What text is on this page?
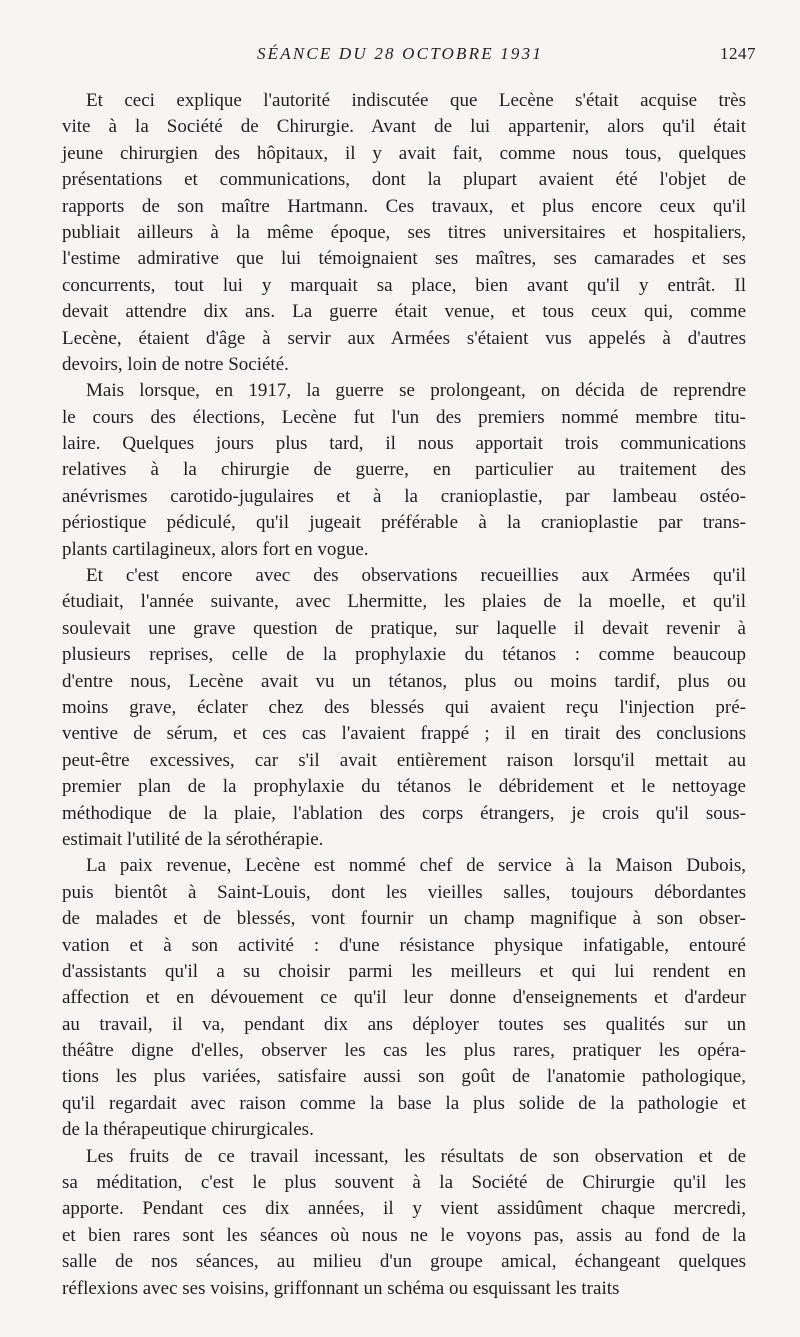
SÉANCE DU 28 OCTOBRE 1931	1247
Et ceci explique l'autorité indiscutée que Lecène s'était acquise très
vite à la Société de Chirurgie. Avant de lui appartenir, alors qu'il était
jeune chirurgien des hôpitaux, il y avait fait, comme nous tous, quelques
présentations et communications, dont la plupart avaient été l'objet de
rapports de son maître Hartmann. Ces travaux, et plus encore ceux qu'il
publiait ailleurs à la même époque, ses titres universitaires et hospitaliers,
l'estime admirative que lui témoignaient ses maîtres, ses camarades et ses
concurrents, tout lui y marquait sa place, bien avant qu'il y entrât. Il
devait attendre dix ans. La guerre était venue, et tous ceux qui, comme
Lecène, étaient d'âge à servir aux Armées s'étaient vus appelés à d'autres
devoirs, loin de notre Société.
Mais lorsque, en 1917, la guerre se prolongeant, on décida de reprendre
le cours des élections, Lecène fut l'un des premiers nommé membre titu-
laire. Quelques jours plus tard, il nous apportait trois communications
relatives à la chirurgie de guerre, en particulier au traitement des
anévrismes carotido-jugulaires et à la cranioplastie, par lambeau ostéo-
périostique pédiculé, qu'il jugeait préférable à la cranioplastie par trans-
plants cartilagineux, alors fort en vogue.
Et c'est encore avec des observations recueillies aux Armées qu'il
étudiait, l'année suivante, avec Lhermitte, les plaies de la moelle, et qu'il
soulevait une grave question de pratique, sur laquelle il devait revenir à
plusieurs reprises, celle de la prophylaxie du tétanos : comme beaucoup
d'entre nous, Lecène avait vu un tétanos, plus ou moins tardif, plus ou
moins grave, éclater chez des blessés qui avaient reçu l'injection pré-
ventive de sérum, et ces cas l'avaient frappé ; il en tirait des conclusions
peut-être excessives, car s'il avait entièrement raison lorsqu'il mettait au
premier plan de la prophylaxie du tétanos le débridement et le nettoyage
méthodique de la plaie, l'ablation des corps étrangers, je crois qu'il sous-
estimait l'utilité de la sérothérapie.
La paix revenue, Lecène est nommé chef de service à la Maison Dubois,
puis bientôt à Saint-Louis, dont les vieilles salles, toujours débordantes
de malades et de blessés, vont fournir un champ magnifique à son obser-
vation et à son activité : d'une résistance physique infatigable, entouré
d'assistants qu'il a su choisir parmi les meilleurs et qui lui rendent en
affection et en dévouement ce qu'il leur donne d'enseignements et d'ardeur
au travail, il va, pendant dix ans déployer toutes ses qualités sur un
théâtre digne d'elles, observer les cas les plus rares, pratiquer les opéra-
tions les plus variées, satisfaire aussi son goût de l'anatomie pathologique,
qu'il regardait avec raison comme la base la plus solide de la pathologie et
de la thérapeutique chirurgicales.
Les fruits de ce travail incessant, les résultats de son observation et de
sa méditation, c'est le plus souvent à la Société de Chirurgie qu'il les
apporte. Pendant ces dix années, il y vient assidûment chaque mercredi,
et bien rares sont les séances où nous ne le voyons pas, assis au fond de la
salle de nos séances, au milieu d'un groupe amical, échangeant quelques
réflexions avec ses voisins, griffonnant un schéma ou esquissant les traits
